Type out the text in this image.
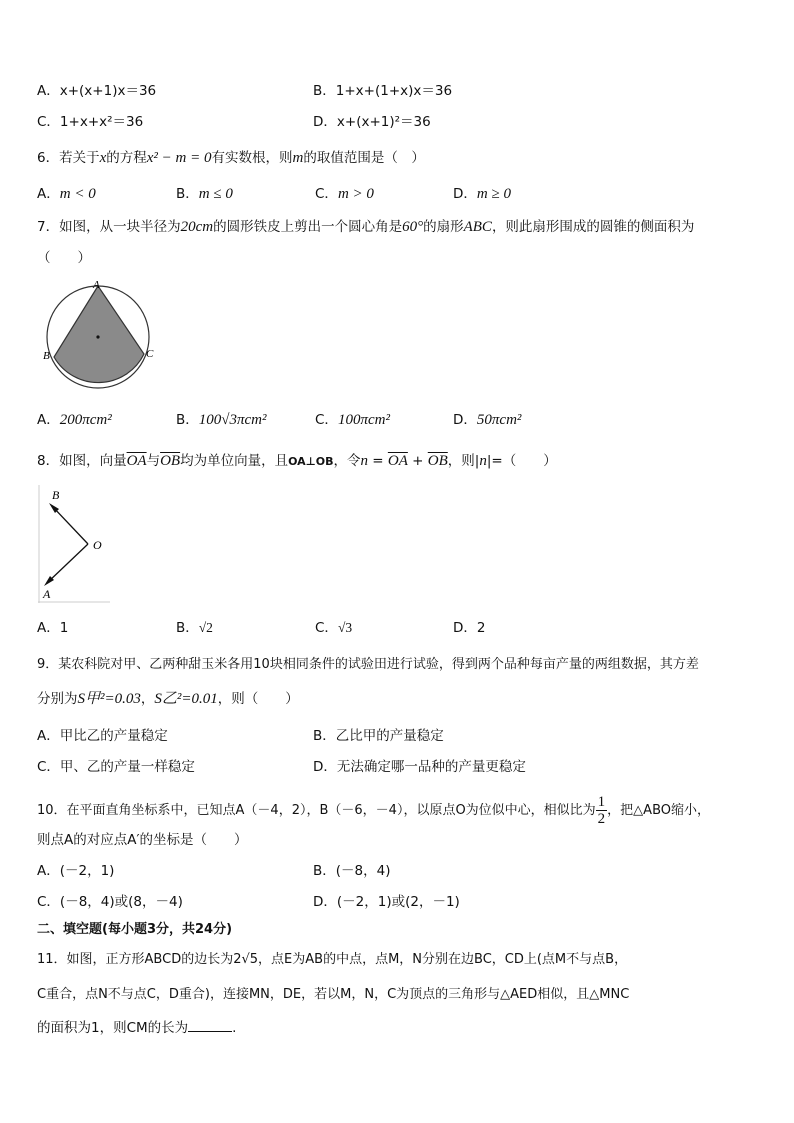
A．x+(x+1)x＝36	B．1+x+(1+x)x＝36
C．1+x+x²＝36	D．x+(x+1)²＝36
6．若关于x的方程x² − m = 0有实数根，则m的取值范围是（　）
A．m < 0	B．m ≤ 0	C．m > 0	D．m ≥ 0
7．如图，从一块半径为20cm的圆形铁皮上剪出一个圆心角是60°的扇形ABC，则此扇形围成的圆锥的侧面积为
（　　）
A
B	C
A．200πcm²	B．100√3πcm²	C．100πcm²	D．50πcm²
8．如图，向量$\overline{OA}$与$\overline{OB}$均为单位向量，且OA⊥OB，令$n = \overline{OA} + \overline{OB}$，则|n|=（　　）
B
O
A
A．1	B．√2	C．√3	D．2
9．某农科院对甲、乙两种甜玉米各用10块相同条件的试验田进行试验，得到两个品种每亩产量的两组数据，其方差
分别为S甲²=0.03，S乙²=0.01，则（　　）
A．甲比乙的产量稳定	B．乙比甲的产量稳定
C．甲、乙的产量一样稳定	D．无法确定哪一品种的产量更稳定
10．在平面直角坐标系中，已知点A（－4，2），B（－6，－4），以原点O为位似中心，相似比为 $\frac{1}{2}$ ，把△ABO缩小，
则点A的对应点A′的坐标是（　　）
A．(－2，1)	B．(－8，4)
C．(－8，4)或(8，－4)	D．(－2，1)或(2，－1)
二、填空题(每小题3分，共24分)
11．如图，正方形ABCD的边长为2√5，点E为AB的中点，点M，N分别在边BC，CD上(点M不与点B，
C重合，点N不与点C，D重合)，连接MN，DE，若以M，N，C为顶点的三角形与△AED相似，且△MNC
的面积为1，则CM的长为	.
